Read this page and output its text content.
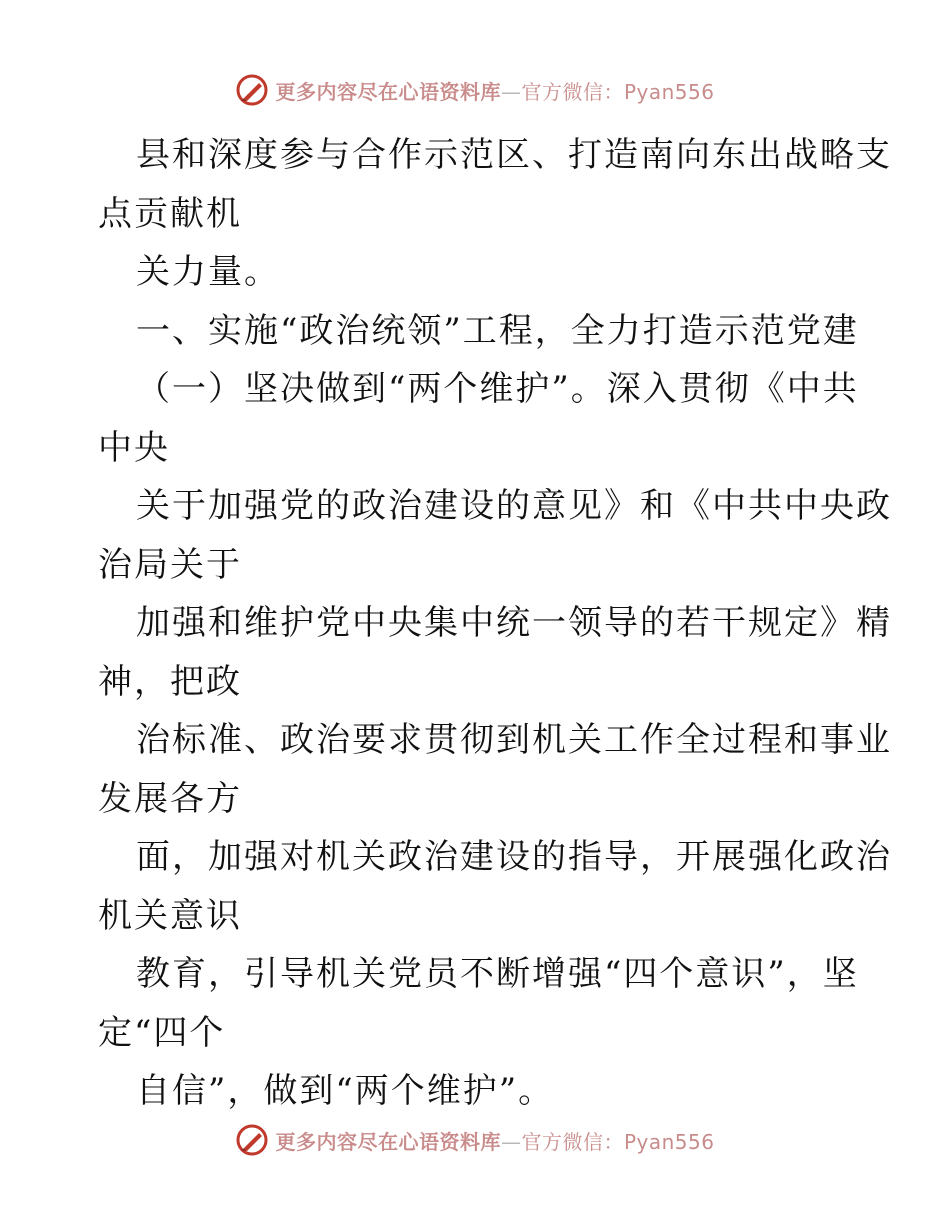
更多内容尽在心语资料库—官方微信：Pyan556
县和深度参与合作示范区、打造南向东出战略支
点贡献机
关力量。
一、实施“政治统领”工程，全力打造示范党建
（一）坚决做到“两个维护”。深入贯彻《中共
中央
关于加强党的政治建设的意见》和《中共中央政
治局关于
加强和维护党中央集中统一领导的若干规定》精
神，把政
治标准、政治要求贯彻到机关工作全过程和事业
发展各方
面，加强对机关政治建设的指导，开展强化政治
机关意识
教育，引导机关党员不断增强“四个意识”，坚
定“四个
自信”，做到“两个维护”。
更多内容尽在心语资料库—官方微信：Pyan556
